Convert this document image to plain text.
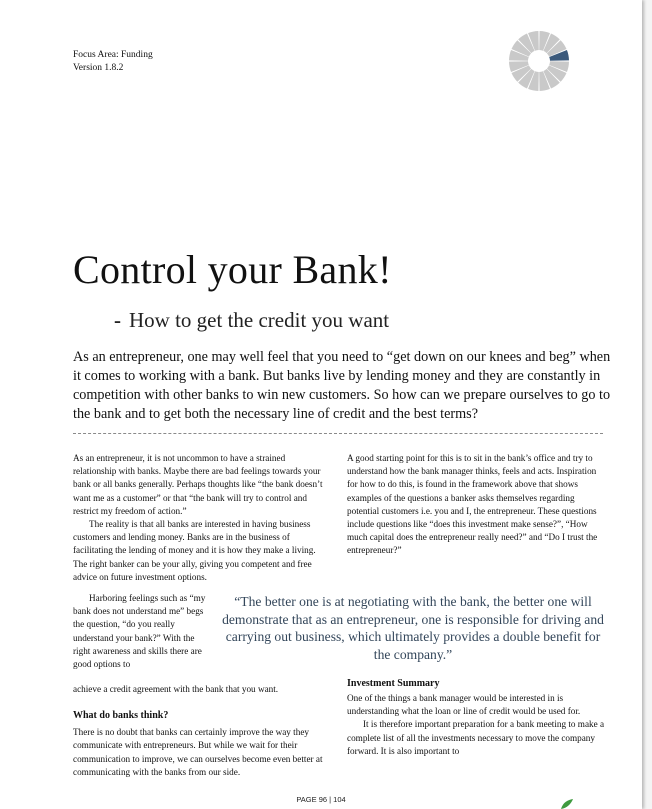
Focus Area: Funding
Version 1.8.2
Control your Bank!
- How to get the credit you want

As an entrepreneur, one may well feel that you need to “get down on our knees and beg” when it comes to working with a bank. But banks live by lending money and they are constantly in competition with other banks to win new customers. So how can we prepare ourselves to go to the bank and to get both the necessary line of credit and the best terms?

As an entrepreneur, it is not uncommon to have a strained relationship with banks. Maybe there are bad feelings towards your bank or all banks generally. Perhaps thoughts like “the bank doesn’t want me as a customer” or that “the bank will try to control and restrict my freedom of action.”

The reality is that all banks are interested in having business customers and lending money. Banks are in the business of facilitating the lending of money and it is how they make a living. The right banker can be your ally, giving you competent and free advice on future investment options.

Harboring feelings such as “my bank does not understand me” begs the question, “do you really understand your bank?” With the right awareness and skills there are good options to

achieve a credit agreement with the bank that you want.

What do banks think?

There is no doubt that banks can certainly improve the way they communicate with entrepreneurs. But while we wait for their communication to improve, we can ourselves become even better at communicating with the banks from our side.

A good starting point for this is to sit in the bank’s office and try to understand how the bank manager thinks, feels and acts. Inspiration for how to do this, is found in the framework above that shows examples of the questions a banker asks themselves regarding potential customers i.e. you and I, the entrepreneur. These questions include questions like “does this investment make sense?”, “How much capital does the entrepreneur really need?” and “Do I trust the entrepreneur?”

“The better one is at negotiating with the bank, the better one will demonstrate that as an entrepreneur, one is responsible for driving and carrying out business, which ultimately provides a double benefit for the company.”

Investment Summary

One of the things a bank manager would be interested in is understanding what the loan or line of credit would be used for.

It is therefore important preparation for a bank meeting to make a complete list of all the investments necessary to move the company forward. It is also important to

PAGE 96 | 104
